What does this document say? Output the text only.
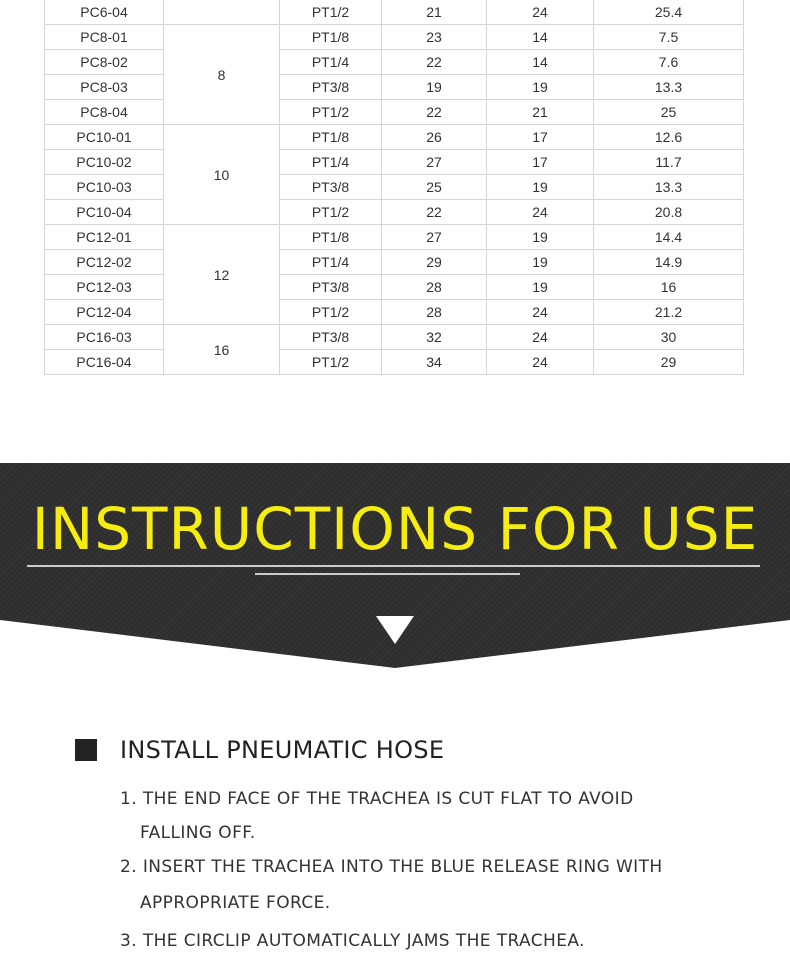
PC6-04		PT1/2	21	24	25.4
PC8-01	8	PT1/8	23	14	7.5
PC8-02		PT1/4	22	14	7.6
PC8-03		PT3/8	19	19	13.3
PC8-04		PT1/2	22	21	25
PC10-01	10	PT1/8	26	17	12.6
PC10-02		PT1/4	27	17	11.7
PC10-03		PT3/8	25	19	13.3
PC10-04		PT1/2	22	24	20.8
PC12-01	12	PT1/8	27	19	14.4
PC12-02		PT1/4	29	19	14.9
PC12-03		PT3/8	28	19	16
PC12-04		PT1/2	28	24	21.2
PC16-03	16	PT3/8	32	24	30
PC16-04		PT1/2	34	24	29
INSTRUCTIONS FOR USE
INSTALL PNEUMATIC HOSE
1. THE END FACE OF THE TRACHEA IS CUT FLAT TO AVOID
FALLING OFF.
2. INSERT THE TRACHEA INTO THE BLUE RELEASE RING WITH
APPROPRIATE FORCE.
3. THE CIRCLIP AUTOMATICALLY JAMS THE TRACHEA.
